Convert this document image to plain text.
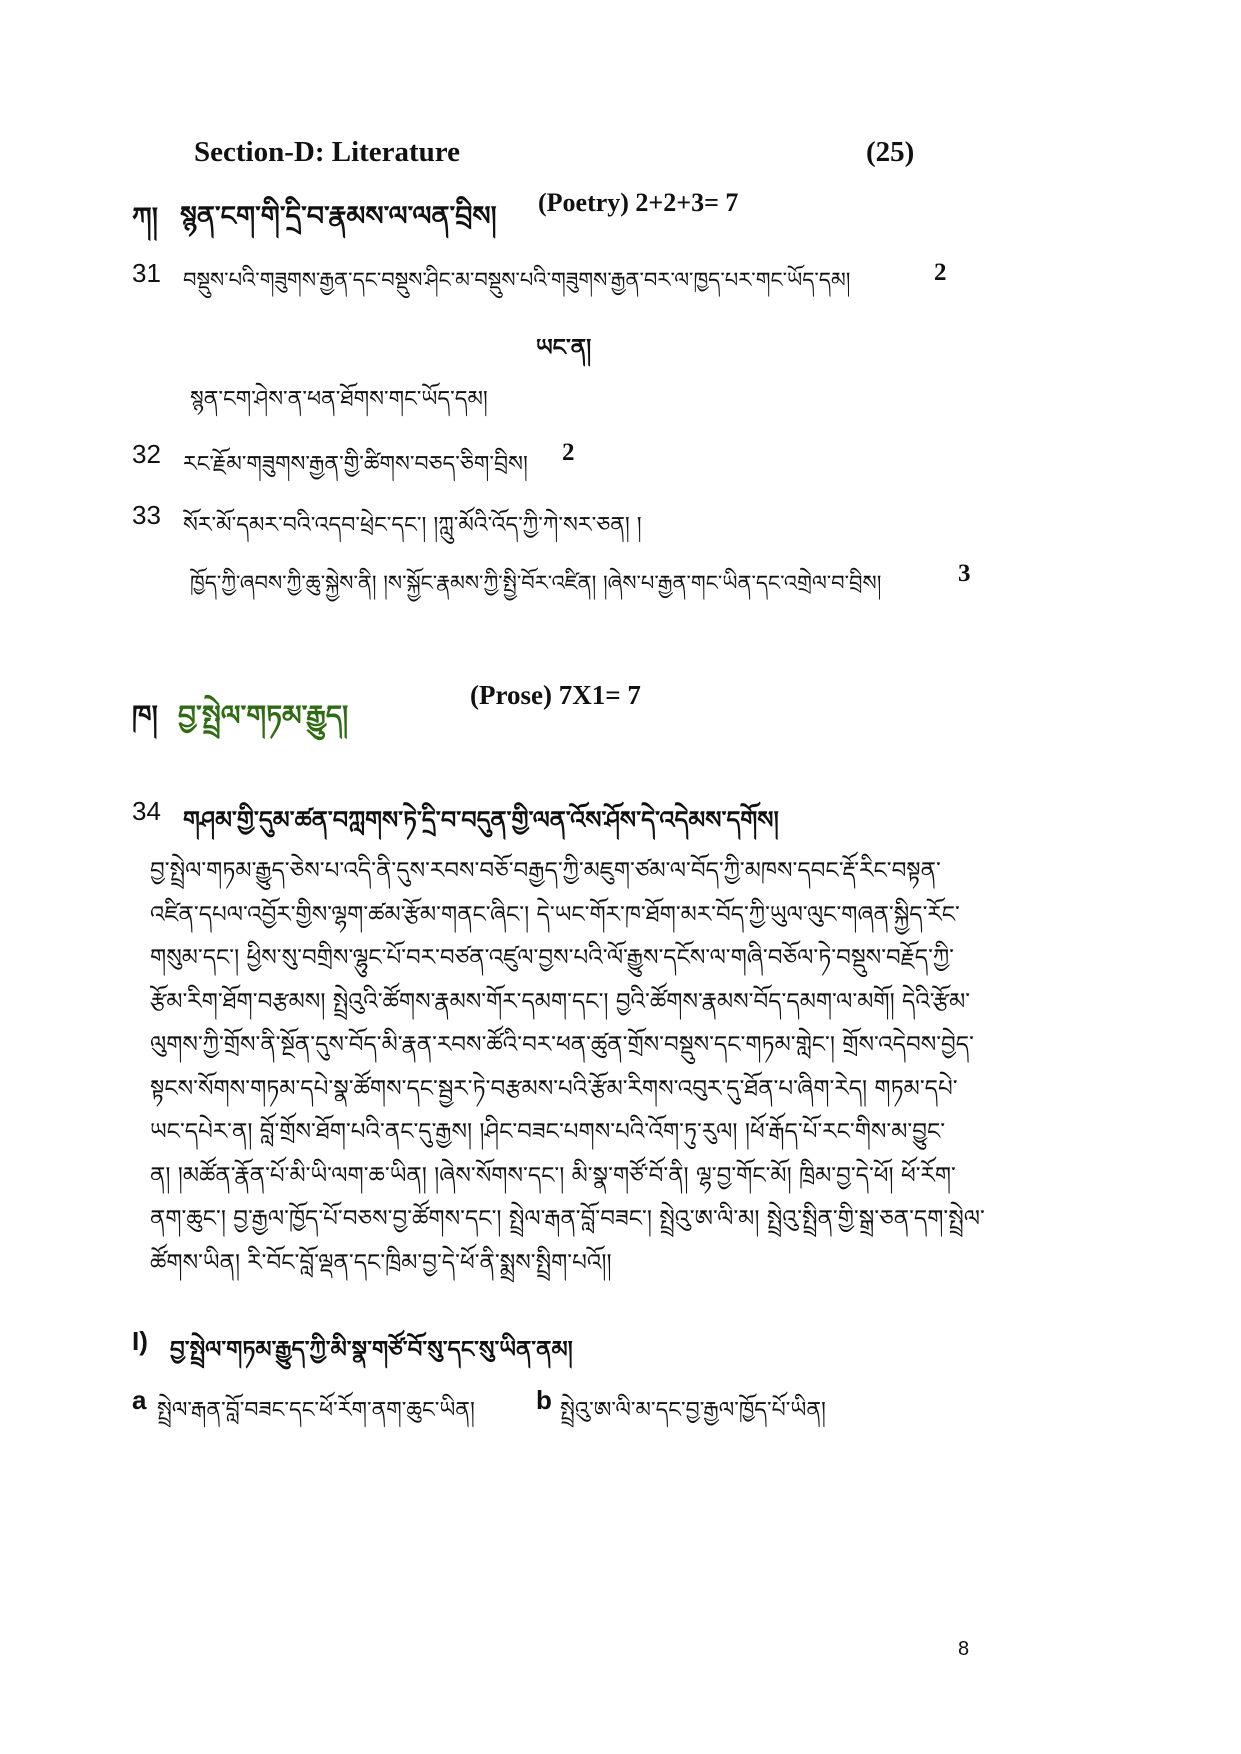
Section-D: Literature	(25)
ཀ། སྙན་ངག་གི་དྲི་བ་རྣམས་ལ་ལན་བྲིས། (Poetry) 2+2+3= 7
31 བསྡུས་པའི་གཟུགས་རྒྱན་དང་བསྡུས་ཤིང་མ་བསྡུས་པའི་གཟུགས་རྒྱན་བར་ལ་ཁྱད་པར་གང་ཡོད་དམ།	2
ཡང་ན།
སྙན་ངག་ཤེས་ན་ཕན་ཐོགས་གང་ཡོད་དམ།
32 རང་རྗོམ་གཟུགས་རྒྱན་གྱི་ཚིགས་བཅད་ཅིག་བྲིས། 2
33 སོར་མོ་དམར་བའི་འདབ་ཕྲེང་དང་། །ཀླུ་མོའི་འོད་ཀྱི་ཀེ་སར་ཅན། །
ཁྱོད་ཀྱི་ཞབས་ཀྱི་ཆུ་སྐྱེས་ནི། །ས་སྐྱོང་རྣམས་ཀྱི་སྤྱི་བོར་འཛིན། །ཞེས་པ་རྒྱན་གང་ཡིན་དང་འགྲེལ་བ་བྲིས།	3
ཁ། བྱ་སྤྲེལ་གཏམ་རྒྱུད།
(Prose) 7X1= 7
34 གཤམ་གྱི་དུམ་ཚན་བཀླགས་ཏེ་དྲི་བ་བདུན་གྱི་ལན་འོས་ཤོས་དེ་འདེམས་དགོས།
བྱ་སྤྲེལ་གཏམ་རྒྱུད་ཅེས་པ་འདི་ནི་དུས་རབས་བཅོ་བརྒྱད་ཀྱི་མཇུག་ཙམ་ལ་བོད་ཀྱི་མཁས་དབང་རྡོ་རིང་བསྟན་
འཛིན་དཔལ་འབྱོར་གྱིས་ལྷག་ཚམ་རྩོམ་གནང་ཞིང་། དེ་ཡང་གོར་ཁ་ཐོག་མར་བོད་ཀྱི་ཡུལ་ལུང་གཞན་སྐྱིད་རོང་
གསུམ་དང་། ཕྱིས་སུ་བགྲིས་ལྷུང་པོ་བར་བཙན་འཛུལ་བྱས་པའི་ལོ་རྒྱུས་དངོས་ལ་གཞི་བཅོལ་ཏེ་བསྡུས་བརྗོད་ཀྱི་
རྩོམ་རིག་ཐོག་བརྩམས། སྤྲེའུའི་ཚོགས་རྣམས་གོར་དམག་དང་། བྱའི་ཚོགས་རྣམས་བོད་དམག་ལ་མགོ། དེའི་རྩོམ་
ལུགས་ཀྱི་གྲོས་ནི་སྔོན་དུས་བོད་མི་རྣན་རབས་ཚོའི་བར་ཕན་ཚུན་གྲོས་བསྡུས་དང་གཏམ་གླེང་། གྲོས་འདེབས་བྱེད་
སྟངས་སོགས་གཏམ་དཔེ་སྣ་ཚོགས་དང་སྦྱར་ཏེ་བརྩམས་པའི་རྩོམ་རིགས་འབུར་དུ་ཐོན་པ་ཞིག་རེད། གཏམ་དཔེ་
ཡང་དཔེར་ན། བློ་གྲོས་ཐོག་པའི་ནང་དུ་རྒྱས། །ཤིང་བཟང་པགས་པའི་འོག་ཏུ་རུལ། །ཕོ་རྒོད་པོ་རང་གིས་མ་བྱུང་
ན། །མཚོན་རྣོན་པོ་མི་ཡི་ལག་ཆ་ཡིན། །ཞེས་སོགས་དང་། མི་སྣ་གཙོ་བོ་ནི། ལྷ་བྱ་གོང་མོ། ཁྲིམ་བྱ་དེ་ཕོ། ཕོ་རོག་
ནག་ཆུང་། བྱ་རྒྱལ་ཁྱོད་པོ་བཅས་བྱ་ཚོགས་དང་། སྤྲེལ་རྒན་བློ་བཟང་། སྤྲེའུ་ཨ་ལི་མ། སྤྲེའུ་སྤྲིན་གྱི་སྒྲ་ཅན་དག་སྤྲེལ་
ཚོགས་ཡིན། རི་བོང་བློ་ལྡན་དང་ཁྲིམ་བྱ་དེ་ཕོ་ནི་སྨྲས་སྤྲིག་པའོ།།
I) བྱ་སྤྲེལ་གཏམ་རྒྱུད་ཀྱི་མི་སྣ་གཙོ་བོ་སུ་དང་སུ་ཡིན་ནམ།
a སྤྲེལ་རྒན་བློ་བཟང་དང་ཕོ་རོག་ནག་ཆུང་ཡིན། b སྤྲེའུ་ཨ་ལི་མ་དང་བྱ་རྒྱལ་ཁྱོད་པོ་ཡིན།
8
